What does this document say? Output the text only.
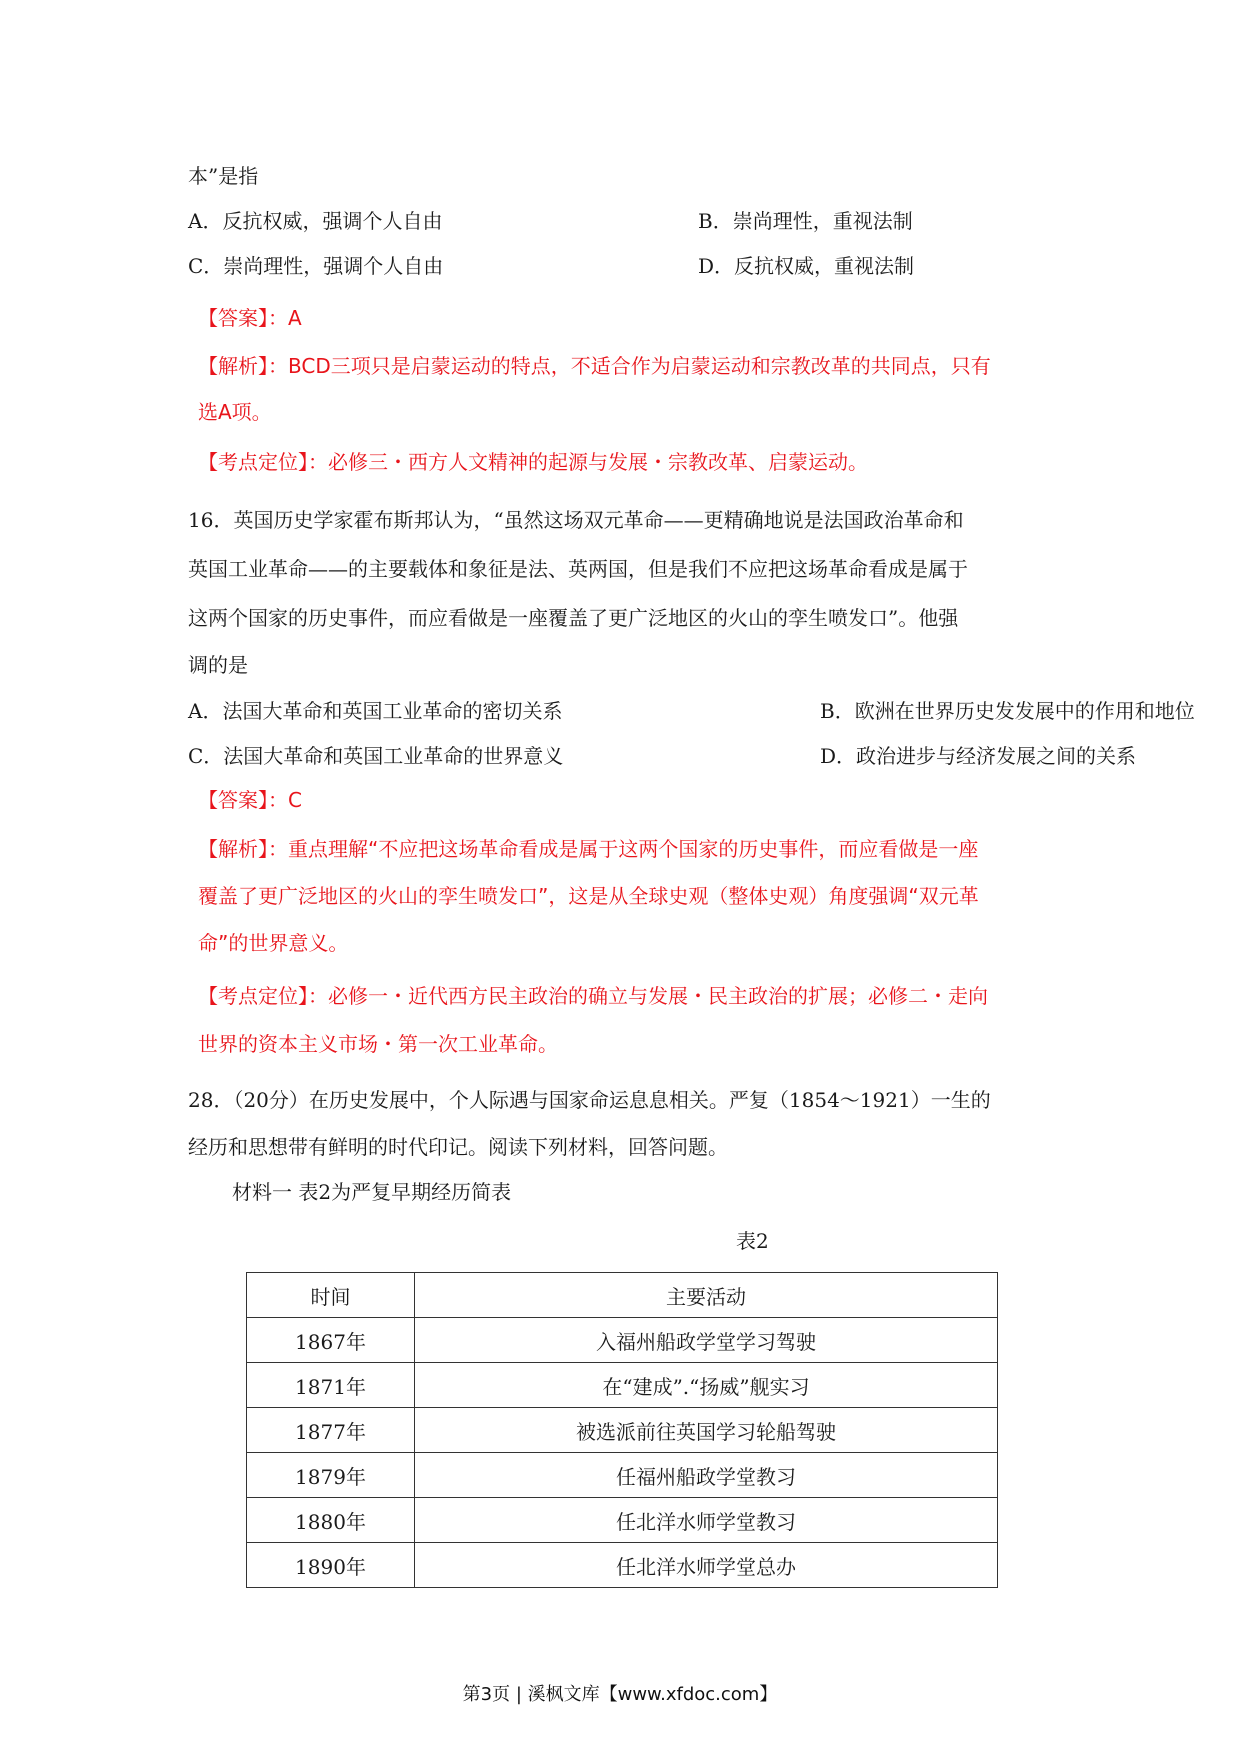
本”是指
A．反抗权威，强调个人自由	B．崇尚理性，重视法制
C．崇尚理性，强调个人自由	D．反抗权威，重视法制
【答案】：A
【解析】：BCD三项只是启蒙运动的特点，不适合作为启蒙运动和宗教改革的共同点，只有
选A项。
【考点定位】：必修三・西方人文精神的起源与发展・宗教改革、启蒙运动。
16．英国历史学家霍布斯邦认为，“虽然这场双元革命——更精确地说是法国政治革命和
英国工业革命——的主要载体和象征是法、英两国，但是我们不应把这场革命看成是属于
这两个国家的历史事件，而应看做是一座覆盖了更广泛地区的火山的孪生喷发口”。他强
调的是
A．法国大革命和英国工业革命的密切关系	B．欧洲在世界历史发发展中的作用和地位
C．法国大革命和英国工业革命的世界意义	D．政治进步与经济发展之间的关系
【答案】：C
【解析】：重点理解“不应把这场革命看成是属于这两个国家的历史事件，而应看做是一座
覆盖了更广泛地区的火山的孪生喷发口”，这是从全球史观（整体史观）角度强调“双元革
命”的世界意义。
【考点定位】：必修一・近代西方民主政治的确立与发展・民主政治的扩展；必修二・走向
世界的资本主义市场・第一次工业革命。
28．（20分）在历史发展中，个人际遇与国家命运息息相关。严复（1854～1921）一生的
经历和思想带有鲜明的时代印记。阅读下列材料，回答问题。
材料一 表2为严复早期经历简表
表2
时间	主要活动
1867年	入福州船政学堂学习驾驶
1871年	在“建成”.“扬威”舰实习
1877年	被选派前往英国学习轮船驾驶
1879年	任福州船政学堂教习
1880年	任北洋水师学堂教习
1890年	任北洋水师学堂总办
第3页 | 溪枫文库【www.xfdoc.com】
